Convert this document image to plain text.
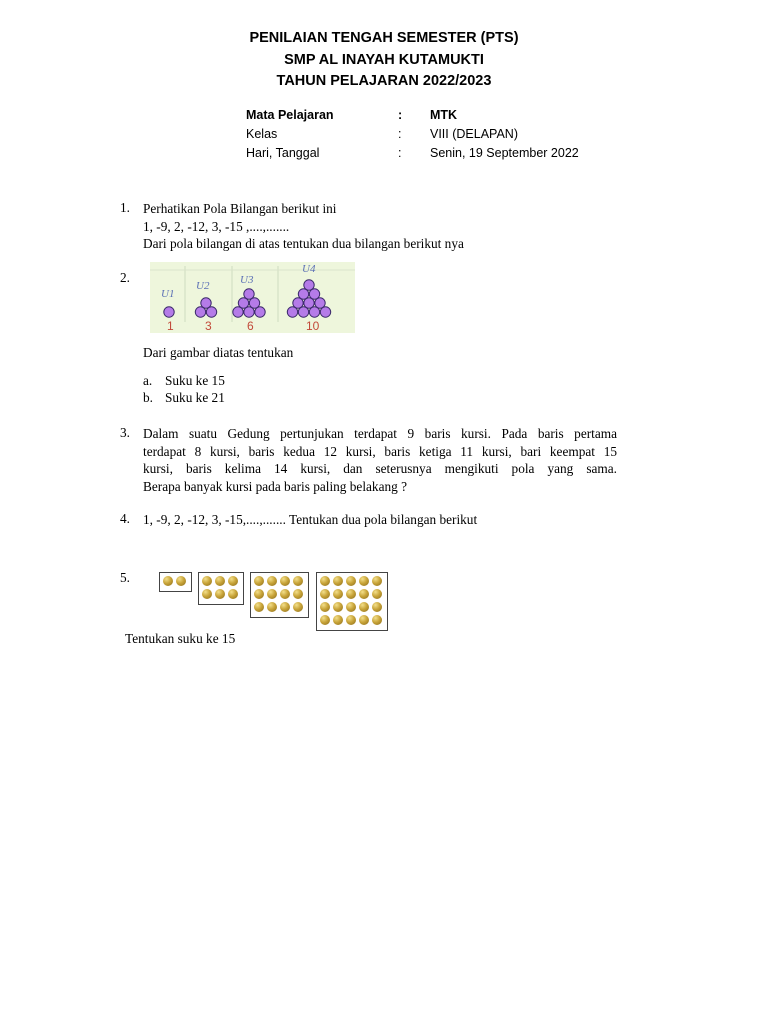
PENILAIAN TENGAH SEMESTER (PTS)
SMP AL INAYAH KUTAMUKTI
TAHUN PELAJARAN 2022/2023
Mata Pelajaran	: MTK
Kelas	: VIII (DELAPAN)
Hari, Tanggal	: Senin, 19 September 2022
1. Perhatikan Pola Bilangan berikut ini
1, -9, 2, -12, 3, -15 ,....,.......
Dari pola bilangan di atas tentukan dua bilangan berikut nya
2.
U1
U2	U3
U4
1	3	6	10
Dari gambar diatas tentukan
a. Suku ke 15
b. Suku ke 21
3. Dalam suatu Gedung pertunjukan terdapat 9 baris kursi. Pada baris pertama
terdapat 8 kursi, baris kedua 12 kursi, baris ketiga 11 kursi, bari keempat 15
kursi, baris kelima 14 kursi, dan seterusnya mengikuti pola yang sama.
Berapa banyak kursi pada baris paling belakang ?
4. 1, -9, 2, -12, 3, -15,....,....... Tentukan dua pola bilangan berikut
5.
Tentukan suku ke 15
